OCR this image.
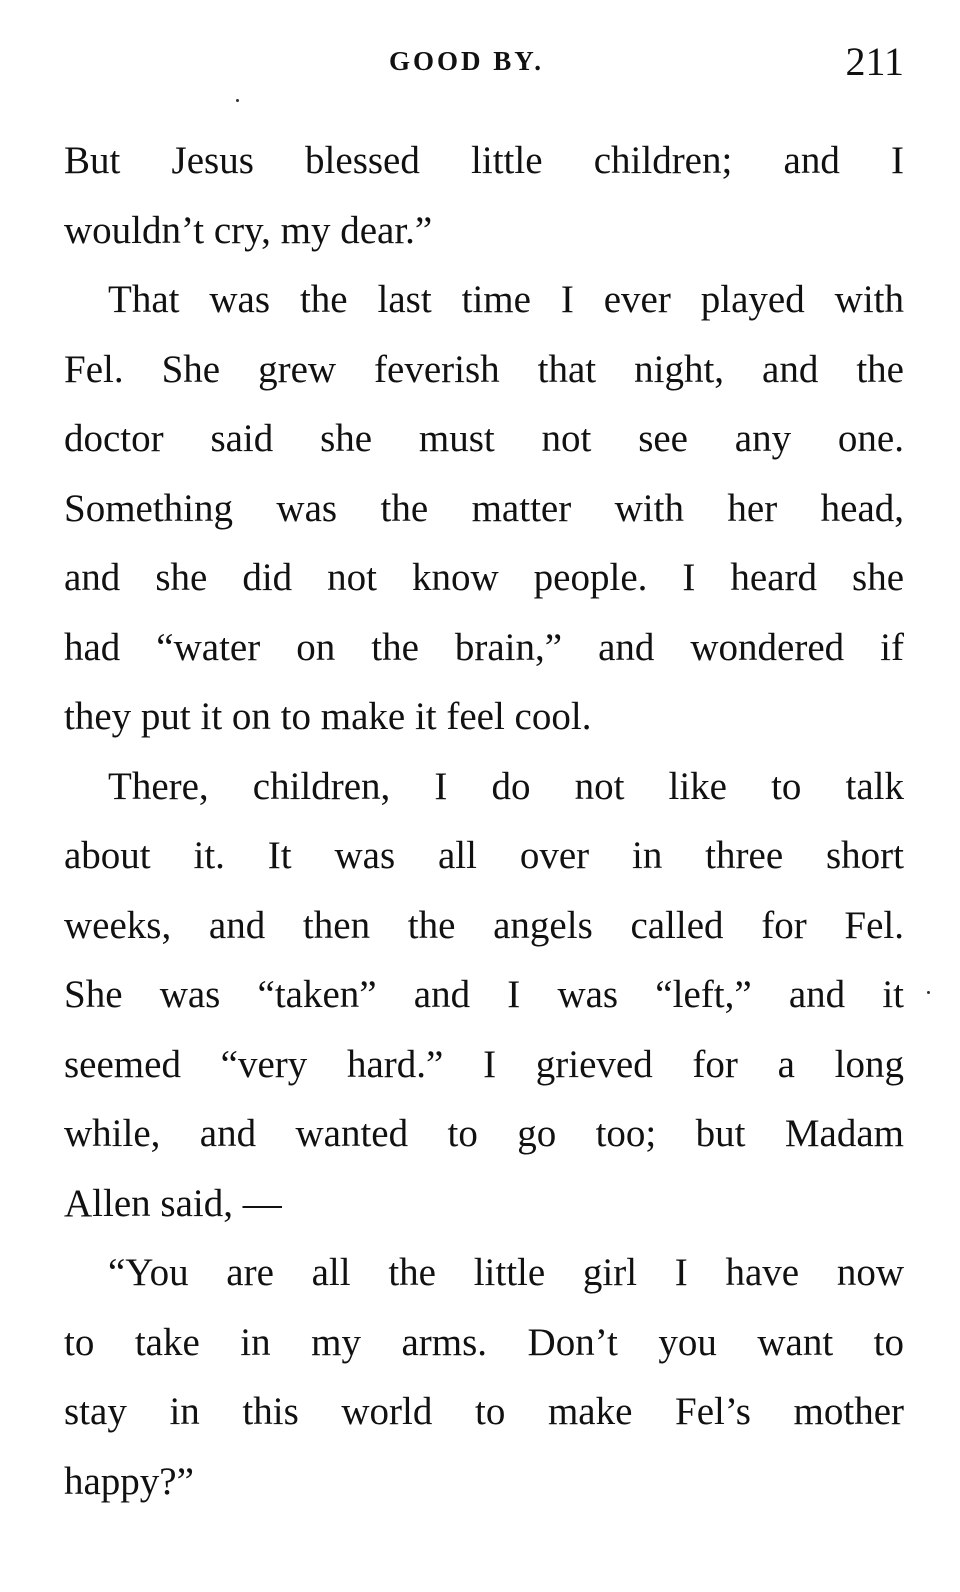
GOOD BY.	211
But Jesus blessed little children; and I
wouldn’t cry, my dear.”
That was the last time I ever played with
Fel. She grew feverish that night, and the
doctor said she must not see any one.
Something was the matter with her head,
and she did not know people. I heard she
had “water on the brain,” and wondered if
they put it on to make it feel cool.
There, children, I do not like to talk
about it. It was all over in three short
weeks, and then the angels called for Fel.
She was “taken” and I was “left,” and it
seemed “very hard.” I grieved for a long
while, and wanted to go too; but Madam
Allen said, —
“You are all the little girl I have now
to take in my arms. Don’t you want to
stay in this world to make Fel’s mother
happy?”
